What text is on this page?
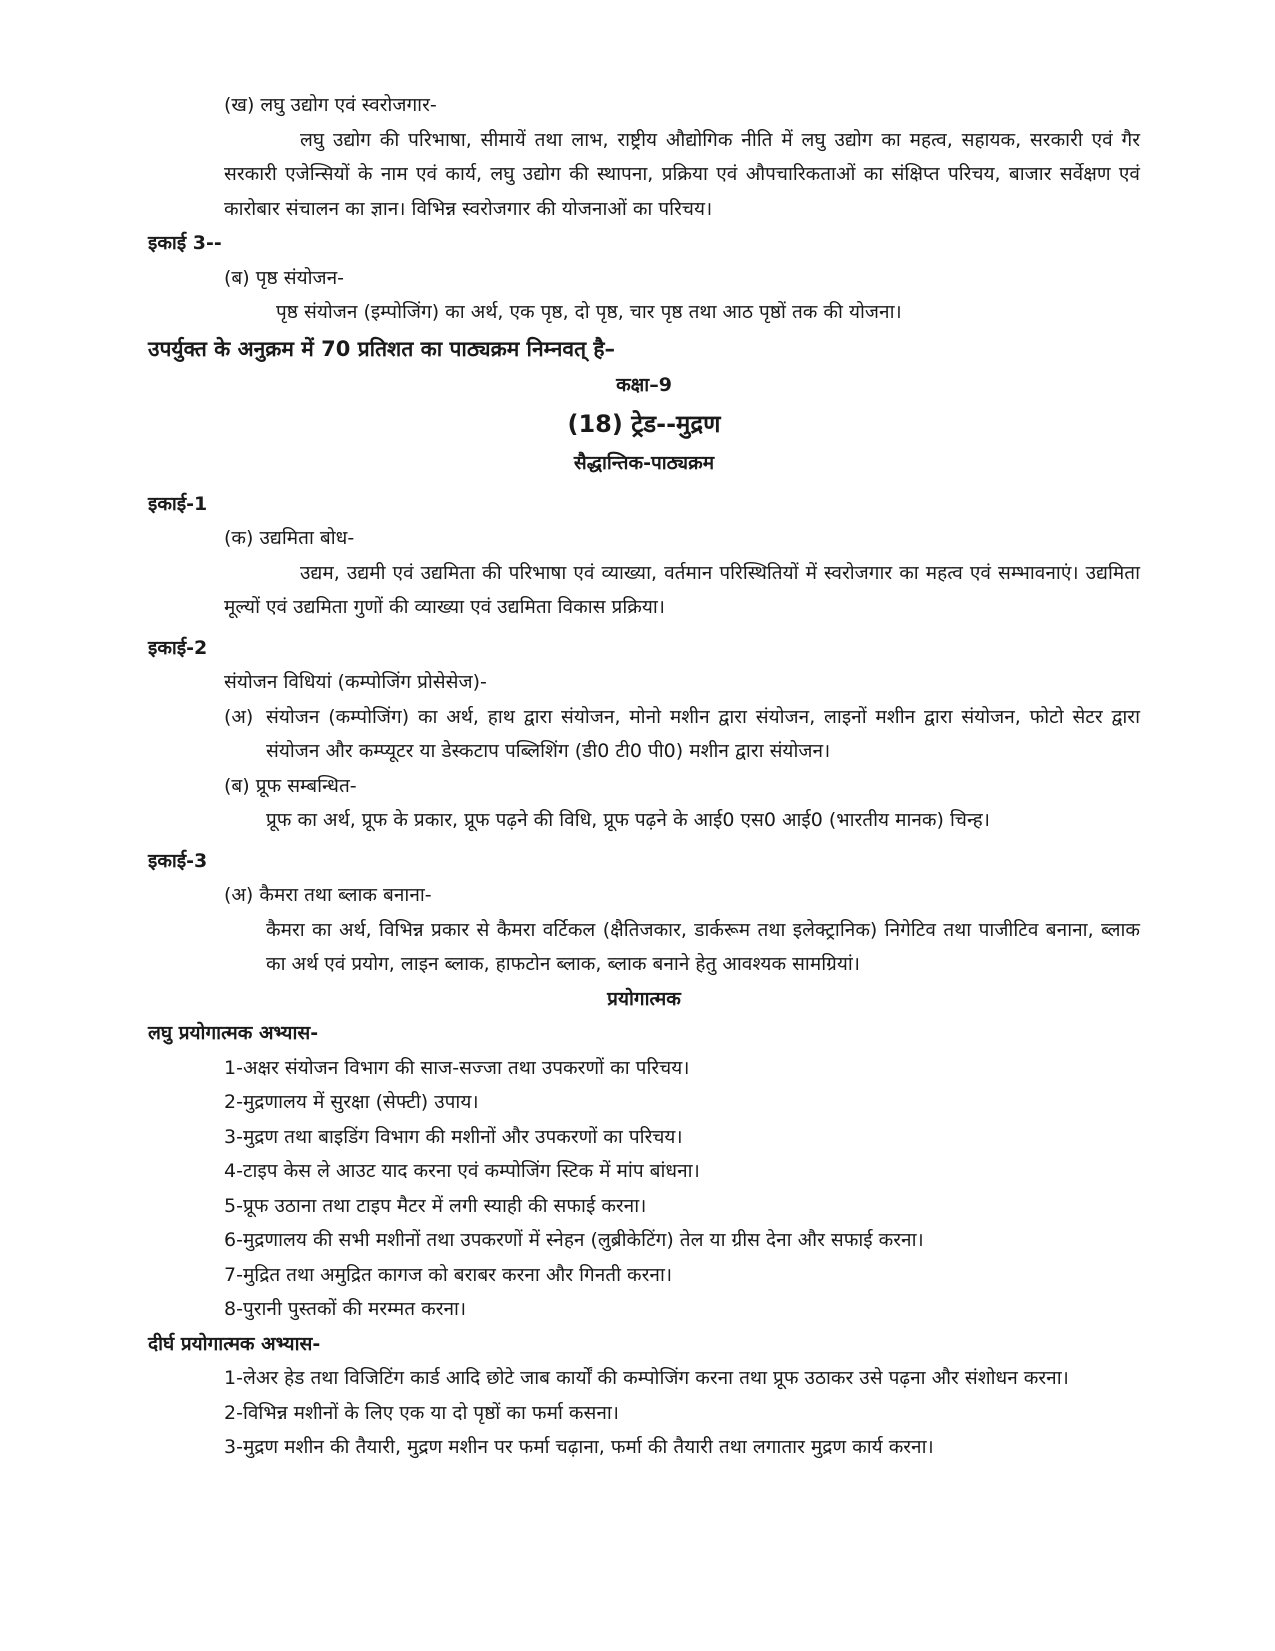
(ख) लघु उद्योग एवं स्वरोजगार-

लघु उद्योग की परिभाषा, सीमायें तथा लाभ, राष्ट्रीय औद्योगिक नीति में लघु उद्योग का महत्व, सहायक, सरकारी एवं गैर सरकारी एजेन्सियों के नाम एवं कार्य, लघु उद्योग की स्थापना, प्रक्रिया एवं औपचारिकताओं का संक्षिप्त परिचय, बाजार सर्वेक्षण एवं कारोबार संचालन का ज्ञान। विभिन्न स्वरोजगार की योजनाओं का परिचय।

इकाई 3--

(ब) पृष्ठ संयोजन-

पृष्ठ संयोजन (इम्पोजिंग) का अर्थ, एक पृष्ठ, दो पृष्ठ, चार पृष्ठ तथा आठ पृष्ठों तक की योजना।

उपर्युक्त के अनुक्रम में 70 प्रतिशत का पाठ्यक्रम निम्नवत् है–

कक्षा–9

(18) ट्रेड--मुद्रण

सैद्धान्तिक-पाठ्यक्रम

इकाई-1

(क) उद्यमिता बोध-

उद्यम, उद्यमी एवं उद्यमिता की परिभाषा एवं व्याख्या, वर्तमान परिस्थितियों में स्वरोजगार का महत्व एवं सम्भावनाएं। उद्यमिता मूल्यों एवं उद्यमिता गुणों की व्याख्या एवं उद्यमिता विकास प्रक्रिया।

इकाई-2

संयोजन विधियां (कम्पोजिंग प्रोसेसेज)-

(अ) संयोजन (कम्पोजिंग) का अर्थ, हाथ द्वारा संयोजन, मोनो मशीन द्वारा संयोजन, लाइनों मशीन द्वारा संयोजन, फोटो सेटर द्वारा संयोजन और कम्प्यूटर या डेस्कटाप पब्लिशिंग (डी0 टी0 पी0) मशीन द्वारा संयोजन।

(ब) प्रूफ सम्बन्धित-

प्रूफ का अर्थ, प्रूफ के प्रकार, प्रूफ पढ़ने की विधि, प्रूफ पढ़ने के आई0 एस0 आई0 (भारतीय मानक) चिन्ह।

इकाई-3

(अ) कैमरा तथा ब्लाक बनाना-

कैमरा का अर्थ, विभिन्न प्रकार से कैमरा वर्टिकल (क्षैतिजकार, डार्करूम तथा इलेक्ट्रानिक) निगेटिव तथा पाजीटिव बनाना, ब्लाक का अर्थ एवं प्रयोग, लाइन ब्लाक, हाफटोन ब्लाक, ब्लाक बनाने हेतु आवश्यक सामग्रियां।

प्रयोगात्मक

लघु प्रयोगात्मक अभ्यास-

1-अक्षर संयोजन विभाग की साज-सज्जा तथा उपकरणों का परिचय।

2-मुद्रणालय में सुरक्षा (सेफ्टी) उपाय।

3-मुद्रण तथा बाइडिंग विभाग की मशीनों और उपकरणों का परिचय।

4-टाइप केस ले आउट याद करना एवं कम्पोजिंग स्टिक में मांप बांधना।

5-प्रूफ उठाना तथा टाइप मैटर में लगी स्याही की सफाई करना।

6-मुद्रणालय की सभी मशीनों तथा उपकरणों में स्नेहन (लुब्रीकेटिंग) तेल या ग्रीस देना और सफाई करना।

7-मुद्रित तथा अमुद्रित कागज को बराबर करना और गिनती करना।

8-पुरानी पुस्तकों की मरम्मत करना।

दीर्घ प्रयोगात्मक अभ्यास-

1-लेअर हेड तथा विजिटिंग कार्ड आदि छोटे जाब कार्यों की कम्पोजिंग करना तथा प्रूफ उठाकर उसे पढ़ना और संशोधन करना।

2-विभिन्न मशीनों के लिए एक या दो पृष्ठों का फर्मा कसना।

3-मुद्रण मशीन की तैयारी, मुद्रण मशीन पर फर्मा चढ़ाना, फर्मा की तैयारी तथा लगातार मुद्रण कार्य करना।
